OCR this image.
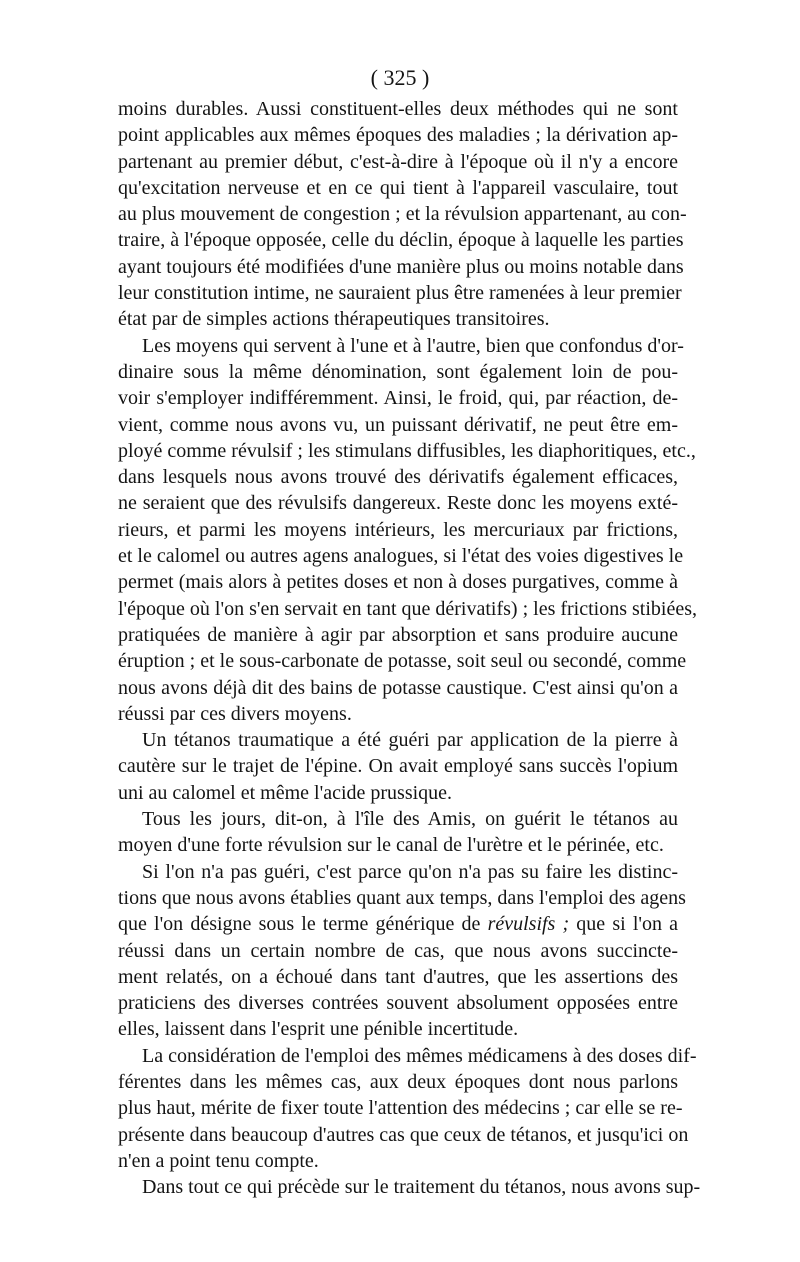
( 325 )
moins durables. Aussi constituent-elles deux méthodes qui ne sont
point applicables aux mêmes époques des maladies ; la dérivation ap-
partenant au premier début, c'est-à-dire à l'époque où il n'y a encore
qu'excitation nerveuse et en ce qui tient à l'appareil vasculaire, tout
au plus mouvement de congestion ; et la révulsion appartenant, au con-
traire, à l'époque opposée, celle du déclin, époque à laquelle les parties
ayant toujours été modifiées d'une manière plus ou moins notable dans
leur constitution intime, ne sauraient plus être ramenées à leur premier
état par de simples actions thérapeutiques transitoires.
Les moyens qui servent à l'une et à l'autre, bien que confondus d'or-
dinaire sous la même dénomination, sont également loin de pou-
voir s'employer indifféremment. Ainsi, le froid, qui, par réaction, de-
vient, comme nous avons vu, un puissant dérivatif, ne peut être em-
ployé comme révulsif ; les stimulans diffusibles, les diaphoritiques, etc.,
dans lesquels nous avons trouvé des dérivatifs également efficaces,
ne seraient que des révulsifs dangereux. Reste donc les moyens exté-
rieurs, et parmi les moyens intérieurs, les mercuriaux par frictions,
et le calomel ou autres agens analogues, si l'état des voies digestives le
permet (mais alors à petites doses et non à doses purgatives, comme à
l'époque où l'on s'en servait en tant que dérivatifs) ; les frictions stibiées,
pratiquées de manière à agir par absorption et sans produire aucune
éruption ; et le sous-carbonate de potasse, soit seul ou secondé, comme
nous avons déjà dit des bains de potasse caustique. C'est ainsi qu'on a
réussi par ces divers moyens.
Un tétanos traumatique a été guéri par application de la pierre à
cautère sur le trajet de l'épine. On avait employé sans succès l'opium
uni au calomel et même l'acide prussique.
Tous les jours, dit-on, à l'île des Amis, on guérit le tétanos au
moyen d'une forte révulsion sur le canal de l'urètre et le périnée, etc.
Si l'on n'a pas guéri, c'est parce qu'on n'a pas su faire les distinc-
tions que nous avons établies quant aux temps, dans l'emploi des agens
que l'on désigne sous le terme générique de révulsifs ; que si l'on a
réussi dans un certain nombre de cas, que nous avons succincte-
ment relatés, on a échoué dans tant d'autres, que les assertions des
praticiens des diverses contrées souvent absolument opposées entre
elles, laissent dans l'esprit une pénible incertitude.
La considération de l'emploi des mêmes médicamens à des doses dif-
férentes dans les mêmes cas, aux deux époques dont nous parlons
plus haut, mérite de fixer toute l'attention des médecins ; car elle se re-
présente dans beaucoup d'autres cas que ceux de tétanos, et jusqu'ici on
n'en a point tenu compte.
Dans tout ce qui précède sur le traitement du tétanos, nous avons sup-
